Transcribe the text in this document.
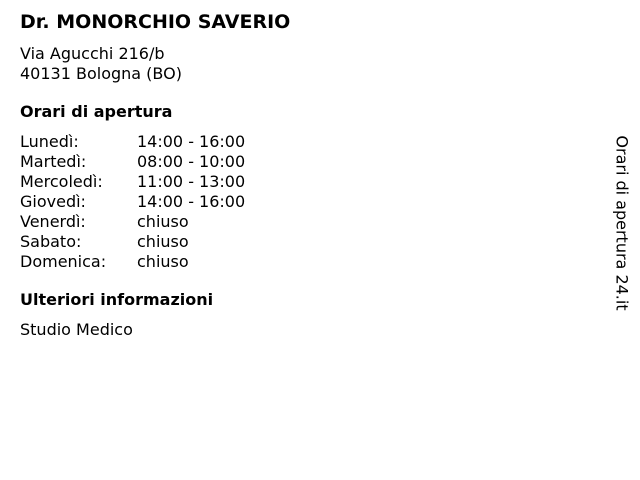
Dr. MONORCHIO SAVERIO
Via Agucchi 216/b
40131 Bologna (BO)
Orari di apertura
Lunedì:	14:00 - 16:00
Martedì:	08:00 - 10:00
Mercoledì:	11:00 - 13:00
Giovedì:	14:00 - 16:00
Venerdì:	chiuso
Sabato:	chiuso
Domenica:	chiuso
Ulteriori informazioni
Studio Medico
Orari di apertura 24.it
